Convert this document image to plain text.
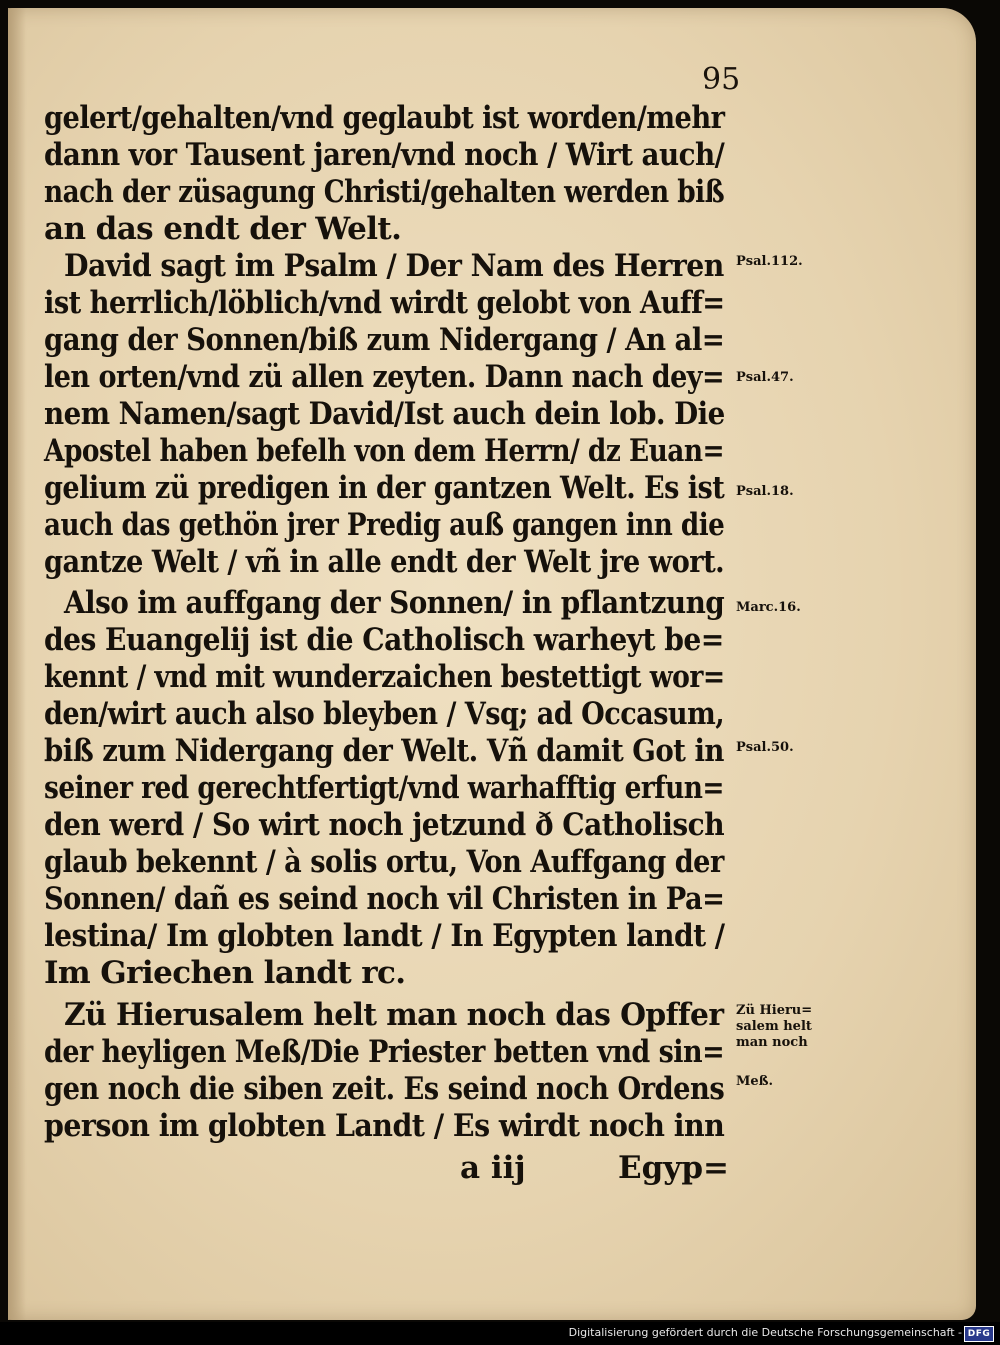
95
gelert/gehalten/vnd geglaubt ist worden/mehr
dann vor Tausent jaren/vnd noch / Wirt auch/
nach der züsagung Christi/gehalten werden biß
an das endt der Welt.
David sagt im Psalm / Der Nam des Herren
ist herrlich/löblich/vnd wirdt gelobt von Auff=
gang der Sonnen/biß zum Nidergang / An al=
len orten/vnd zü allen zeyten. Dann nach dey=
nem Namen/sagt David/Ist auch dein lob. Die
Apostel haben befelh von dem Herrn/ dz Euan=
gelium zü predigen in der gantzen Welt. Es ist
auch das gethön jrer Predig auß gangen inn die
gantze Welt / vñ in alle endt der Welt jre wort.
Also im auffgang der Sonnen/ in pflantzung
des Euangelij ist die Catholisch warheyt be=
kennt / vnd mit wunderzaichen bestettigt wor=
den/wirt auch also bleyben / Vsq; ad Occasum,
biß zum Nidergang der Welt. Vñ damit Got in
seiner red gerechtfertigt/vnd warhafftig erfun=
den werd / So wirt noch jetzund ð Catholisch
glaub bekennt / à solis ortu, Von Auffgang der
Sonnen/ dañ es seind noch vil Christen in Pa=
lestina/ Im globten landt / In Egypten landt /
Im Griechen landt rc.
Zü Hierusalem helt man noch das Opffer
der heyligen Meß/Die Priester betten vnd sin=
gen noch die siben zeit. Es seind noch Ordens
person im globten Landt / Es wirdt noch inn
Psal.112.
Psal.47.
Psal.18.
Marc.16.
Psal.50.
Zü Hieru=
salem helt
man noch
Meß.
a iij	Egyp=
Digitalisierung gefördert durch die Deutsche Forschungsgemeinschaft - DFG
